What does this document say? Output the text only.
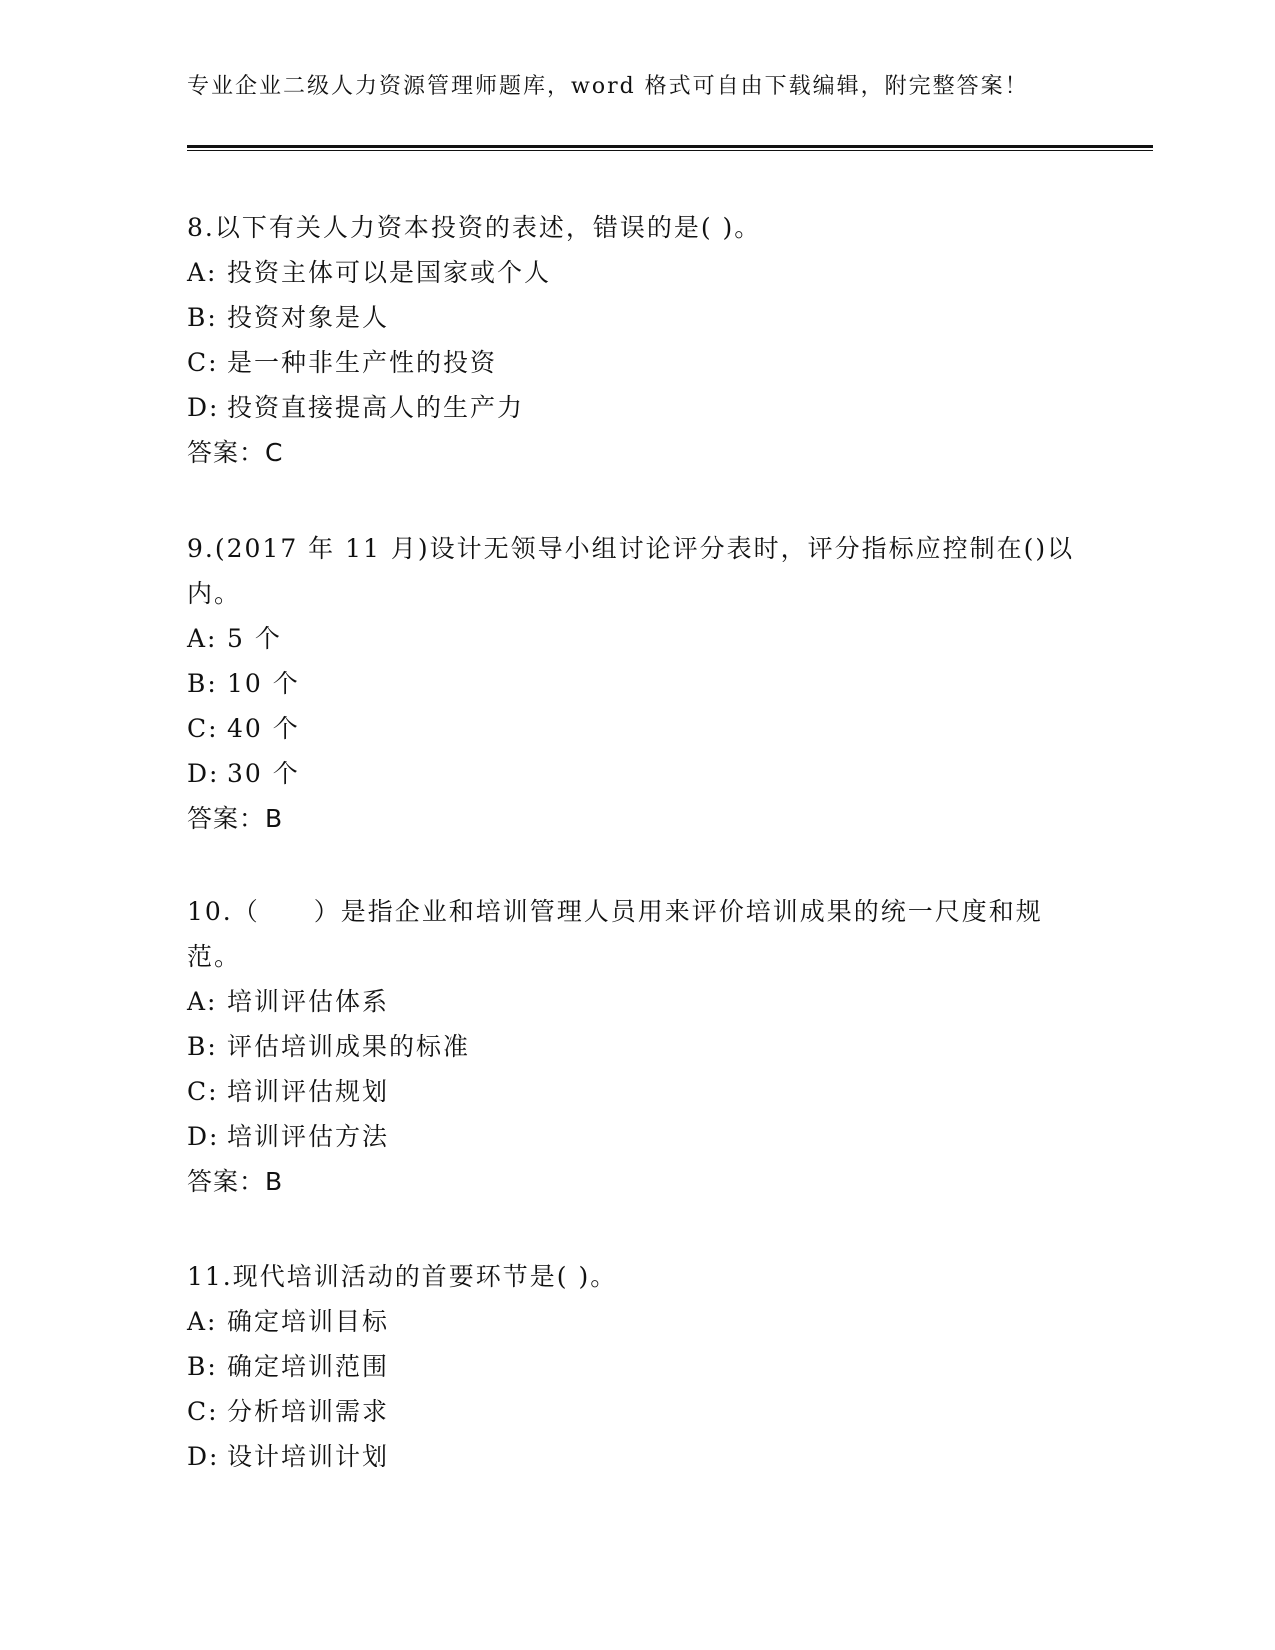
专业企业二级人力资源管理师题库，word 格式可自由下载编辑，附完整答案！

8.以下有关人力资本投资的表述，错误的是( )。

A: 投资主体可以是国家或个人
B: 投资对象是人
C: 是一种非生产性的投资
D: 投资直接提高人的生产力

答案：C

9.(2017 年 11 月)设计无领导小组讨论评分表时，评分指标应控制在()以内。

A: 5 个
B: 10 个
C: 40 个
D: 30 个

答案：B

10.（　　）是指企业和培训管理人员用来评价培训成果的统一尺度和规范。

A: 培训评估体系
B: 评估培训成果的标准
C: 培训评估规划
D: 培训评估方法

答案：B

11.现代培训活动的首要环节是( )。

A: 确定培训目标
B: 确定培训范围
C: 分析培训需求
D: 设计培训计划
